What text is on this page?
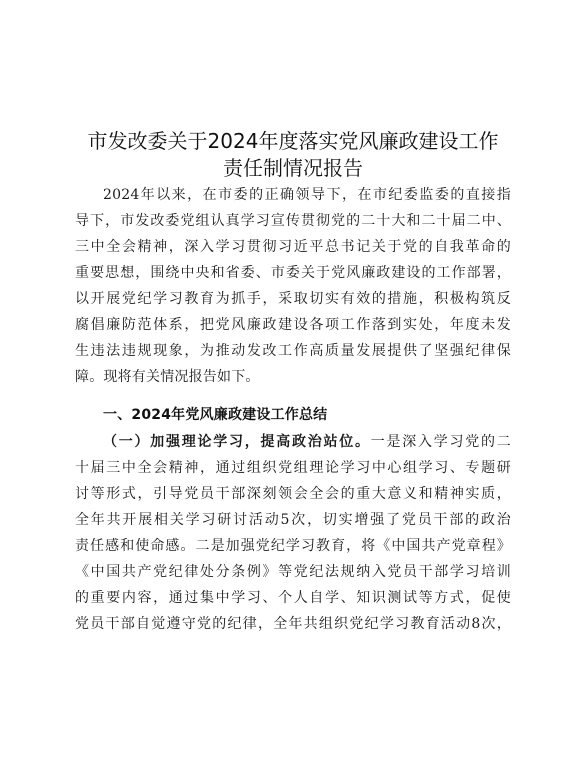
市发改委关于2024年度落实党风廉政建设工作
责任制情况报告
2024年以来，在市委的正确领导下，在市纪委监委的直接指
导下，市发改委党组认真学习宣传贯彻党的二十大和二十届二中、
三中全会精神，深入学习贯彻习近平总书记关于党的自我革命的
重要思想，围绕中央和省委、市委关于党风廉政建设的工作部署，
以开展党纪学习教育为抓手，采取切实有效的措施，积极构筑反
腐倡廉防范体系，把党风廉政建设各项工作落到实处，年度未发
生违法违规现象，为推动发改工作高质量发展提供了坚强纪律保
障。现将有关情况报告如下。
一、2024年党风廉政建设工作总结
（一）加强理论学习，提高政治站位。一是深入学习党的二
十届三中全会精神，通过组织党组理论学习中心组学习、专题研
讨等形式，引导党员干部深刻领会全会的重大意义和精神实质，
全年共开展相关学习研讨活动5次，切实增强了党员干部的政治
责任感和使命感。二是加强党纪学习教育，将《中国共产党章程》
《中国共产党纪律处分条例》等党纪法规纳入党员干部学习培训
的重要内容，通过集中学习、个人自学、知识测试等方式，促使
党员干部自觉遵守党的纪律，全年共组织党纪学习教育活动8次，
